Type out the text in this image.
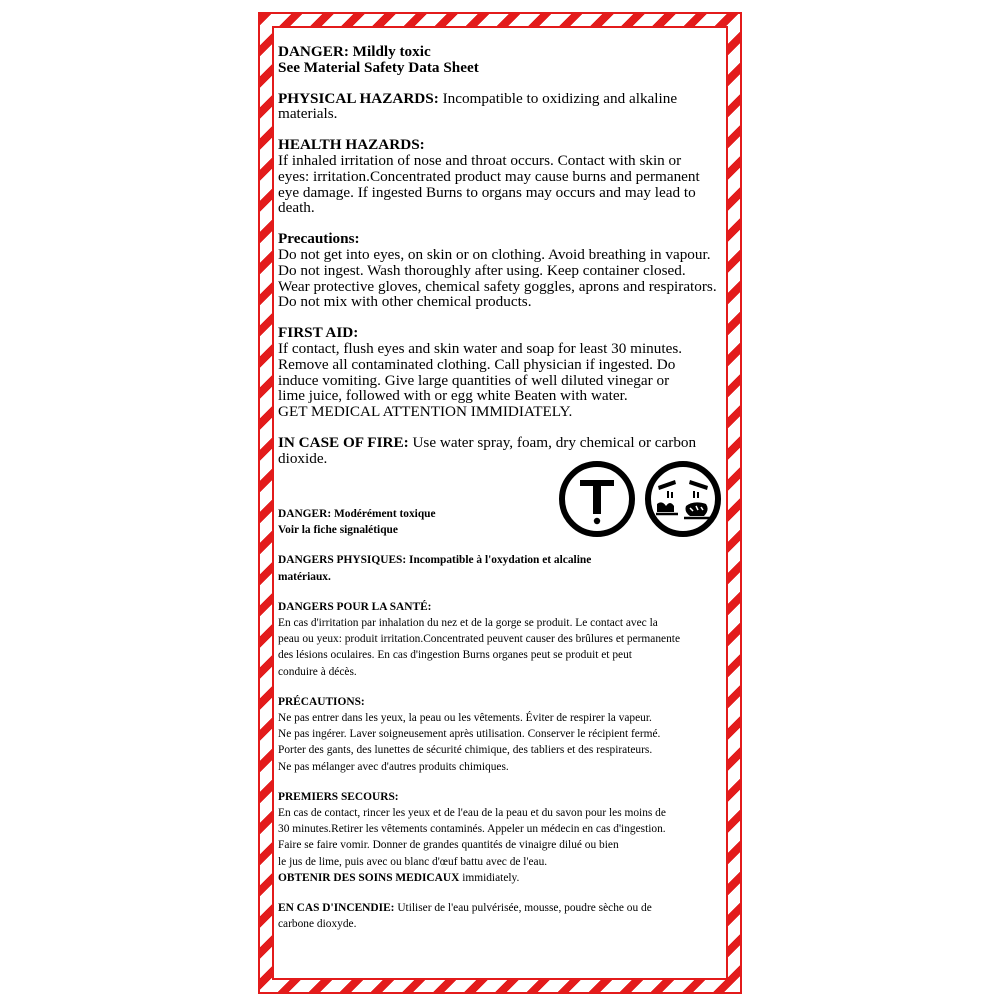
DANGER: Mildly toxic
See Material Safety Data Sheet
PHYSICAL HAZARDS: Incompatible to oxidizing and alkaline
materials.
HEALTH HAZARDS:
If inhaled irritation of nose and throat occurs. Contact with skin or
eyes: irritation.Concentrated product may cause burns and permanent
eye damage. If ingested Burns to organs may occurs and may lead to
death.
Precautions:
Do not get into eyes, on skin or on clothing. Avoid breathing in vapour.
Do not ingest. Wash thoroughly after using. Keep container closed.
Wear protective gloves, chemical safety goggles, aprons and respirators.
Do not mix with other chemical products.
FIRST AID:
If contact, flush eyes and skin water and soap for least 30 minutes.
Remove all contaminated clothing. Call physician if ingested. Do
induce vomiting. Give large quantities of well diluted vinegar or
lime juice, followed with or egg white Beaten with water.
GET MEDICAL ATTENTION IMMIDIATELY.
IN CASE OF FIRE: Use water spray, foam, dry chemical or carbon
dioxide.
DANGER: Modérément toxique
Voir la fiche signalétique
DANGERS PHYSIQUES: Incompatible à l'oxydation et alcaline
matériaux.
DANGERS POUR LA SANTÉ:
En cas d'irritation par inhalation du nez et de la gorge se produit. Le contact avec la
peau ou yeux: produit irritation.Concentrated peuvent causer des brûlures et permanente
des lésions oculaires. En cas d'ingestion Burns organes peut se produit et peut
conduire à décès.
PRÉCAUTIONS:
Ne pas entrer dans les yeux, la peau ou les vêtements. Éviter de respirer la vapeur.
Ne pas ingérer. Laver soigneusement après utilisation. Conserver le récipient fermé.
Porter des gants, des lunettes de sécurité chimique, des tabliers et des respirateurs.
Ne pas mélanger avec d'autres produits chimiques.
PREMIERS SECOURS:
En cas de contact, rincer les yeux et de l'eau de la peau et du savon pour les moins de
30 minutes.Retirer les vêtements contaminés. Appeler un médecin en cas d'ingestion.
Faire se faire vomir. Donner de grandes quantités de vinaigre dilué ou bien
le jus de lime, puis avec ou blanc d'œuf battu avec de l'eau.
OBTENIR DES SOINS MEDICAUX immidiately.
EN CAS D'INCENDIE: Utiliser de l'eau pulvérisée, mousse, poudre sèche ou de
carbone dioxyde.
